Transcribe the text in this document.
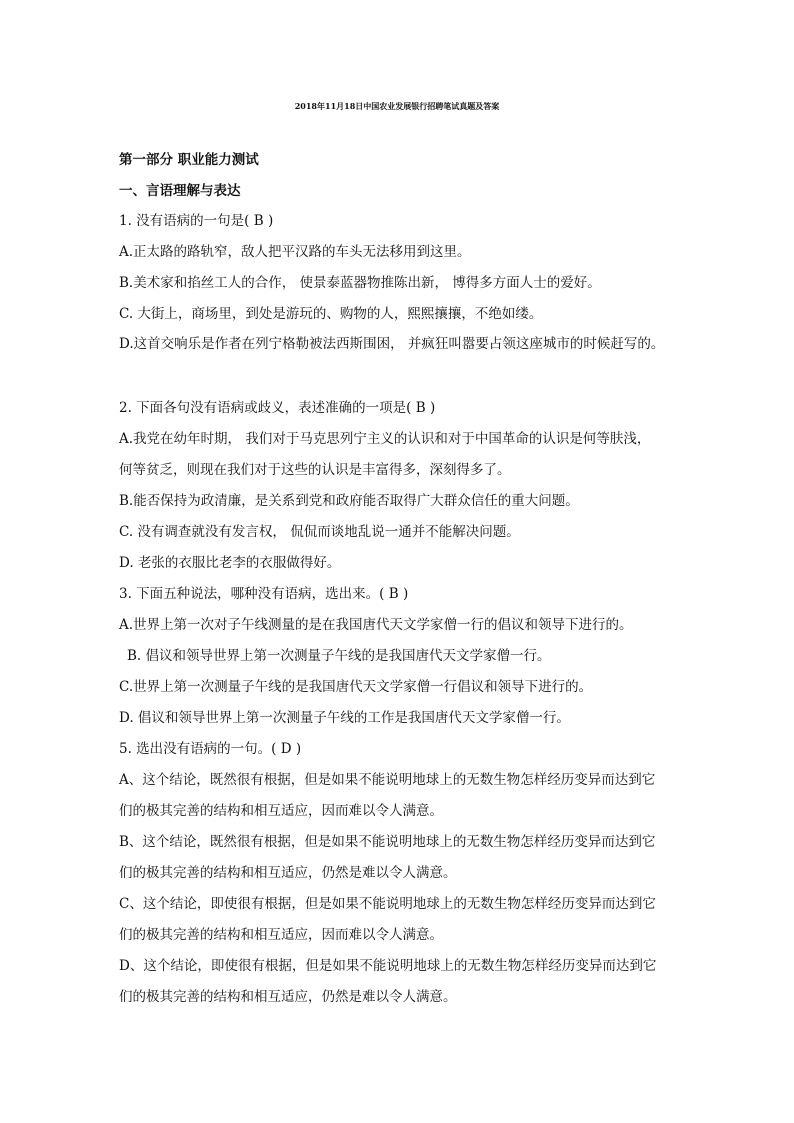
2018年11月18日中国农业发展银行招聘笔试真题及答案
第一部分 职业能力测试
一、言语理解与表达
1. 没有语病的一句是( B )
A.正太路的路轨窄，敌人把平汉路的车头无法移用到这里。
B.美术家和掐丝工人的合作， 使景泰蓝器物推陈出新， 博得多方面人士的爱好。
C. 大街上，商场里，到处是游玩的、购物的人，熙熙攘攘，不绝如缕。
D.这首交响乐是作者在列宁格勒被法西斯围困， 并疯狂叫嚣要占领这座城市的时候赶写的。
2. 下面各句没有语病或歧义，表述准确的一项是( B )
A.我党在幼年时期， 我们对于马克思列宁主义的认识和对于中国革命的认识是何等肤浅，
何等贫乏，则现在我们对于这些的认识是丰富得多，深刻得多了。
B.能否保持为政清廉，是关系到党和政府能否取得广大群众信任的重大问题。
C. 没有调查就没有发言权， 侃侃而谈地乱说一通并不能解决问题。
D. 老张的衣服比老李的衣服做得好。
3. 下面五种说法，哪种没有语病，选出来。( B )
A.世界上第一次对子午线测量的是在我国唐代天文学家僧一行的倡议和领导下进行的。
B. 倡议和领导世界上第一次测量子午线的是我国唐代天文学家僧一行。
C.世界上第一次测量子午线的是我国唐代天文学家僧一行倡议和领导下进行的。
D. 倡议和领导世界上第一次测量子午线的工作是我国唐代天文学家僧一行。
5. 选出没有语病的一句。( D )
A、这个结论，既然很有根据，但是如果不能说明地球上的无数生物怎样经历变异而达到它
们的极其完善的结构和相互适应，因而难以令人满意。
B、这个结论，既然很有根据，但是如果不能说明地球上的无数生物怎样经历变异而达到它
们的极其完善的结构和相互适应，仍然是难以令人满意。
C、这个结论，即使很有根据，但是如果不能说明地球上的无数生物怎样经历变异而达到它
们的极其完善的结构和相互适应，因而难以令人满意。
D、这个结论，即使很有根据，但是如果不能说明地球上的无数生物怎样经历变异而达到它
们的极其完善的结构和相互适应，仍然是难以令人满意。
